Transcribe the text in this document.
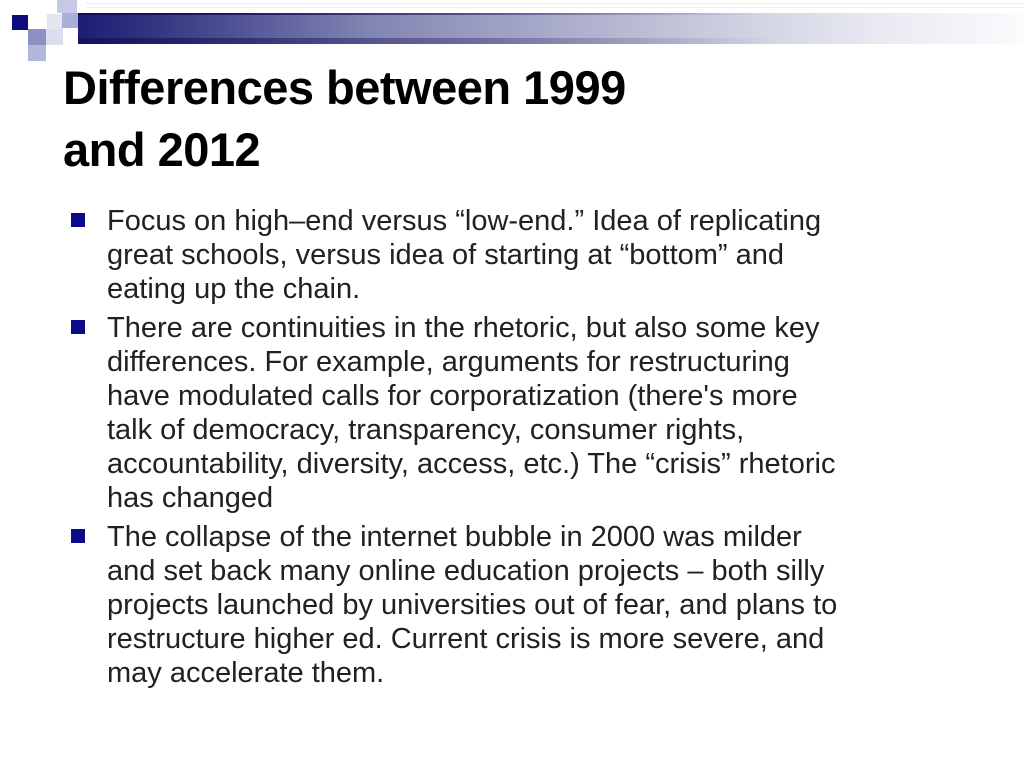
Differences between 1999
and 2012
Focus on high–end versus “low-end.” Idea of replicating
great schools, versus idea of starting at “bottom” and
eating up the chain.
There are continuities in the rhetoric, but also some key
differences. For example, arguments for restructuring
have modulated calls for corporatization (there's more
talk of democracy, transparency, consumer rights,
accountability, diversity, access, etc.) The “crisis” rhetoric
has changed
The collapse of the internet bubble in 2000 was milder
and set back many online education projects – both silly
projects launched by universities out of fear, and plans to
restructure higher ed. Current crisis is more severe, and
may accelerate them.
